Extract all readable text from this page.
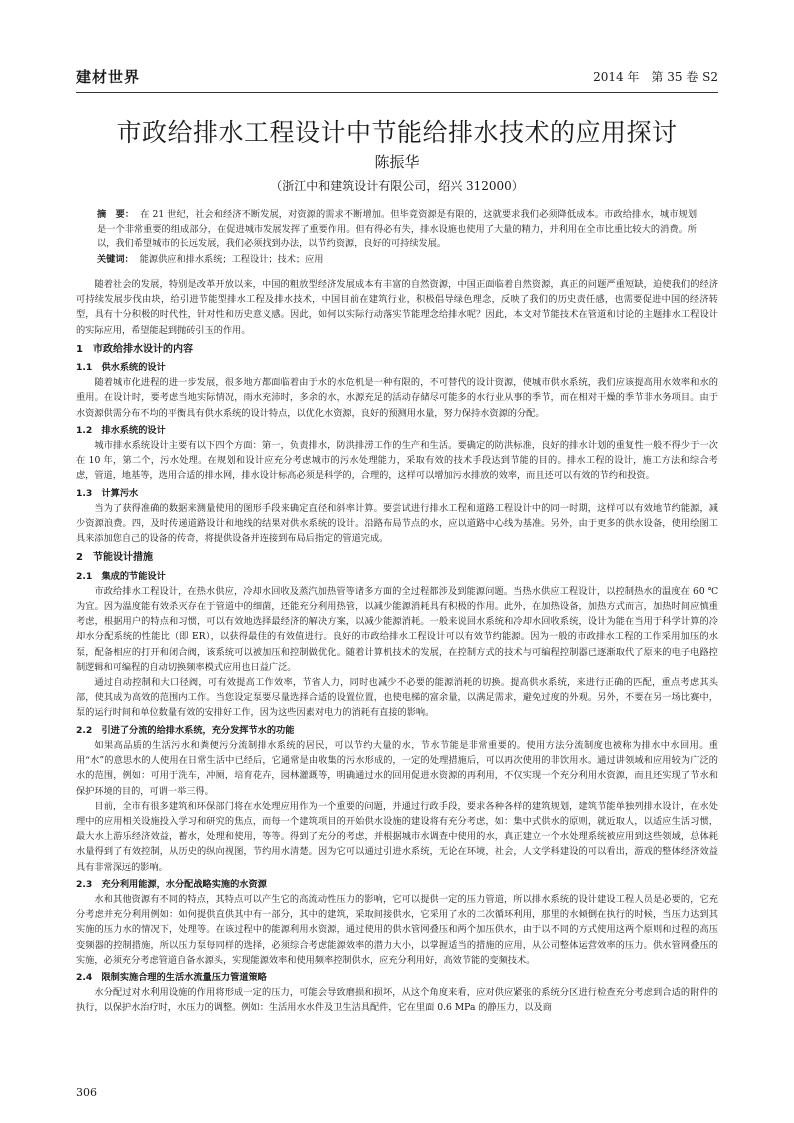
建材世界	2014 年　第 35 卷 S2
市政给排水工程设计中节能给排水技术的应用探讨
陈振华
（浙江中和建筑设计有限公司，绍兴 312000）

摘　要： 在 21 世纪，社会和经济不断发展，对资源的需求不断增加。但毕竟资源是有限的，这就要求我们必须降低成本。市政给排水，城市规划是一个非常重要的组成部分，在促进城市发展发挥了重要作用。但有得必有失，排水设施也使用了大量的精力，并利用在全市比重比较大的消费。所以，我们希望城市的长远发展，我们必须找到办法，以节约资源，良好的可持续发展。

关键词： 能源供应和排水系统；工程设计；技术；应用

随着社会的发展，特别是改革开放以来，中国的粗放型经济发展成本有丰富的自然资源，中国正面临着自然资源，真正的问题严重短缺，迫使我们的经济可持续发展步伐由块，给引进节能型排水工程及排水技术，中国目前在建筑行业，积极倡导绿色理念，反映了我们的历史责任感，也需要促进中国的经济转型，具有十分积极的时代性，针对性和历史意义感。因此，如何以实际行动落实节能理念给排水呢？因此，本文对节能技术在管道和讨论的主题排水工程设计的实际应用，希望能起到抛砖引玉的作用。

1　市政给排水设计的内容
1.1　供水系统的设计

随着城市化进程的进一步发展，很多地方都面临着由于水的水危机是一种有限的，不可替代的设计资源，使城市供水系统，我们应该提高用水效率和水的重用。在设计时，要考虑当地实际情况，雨水充沛时，多余的水，水源充足的活动存储尽可能多的水行业从事的季节，而在相对干燥的季节非水务项目。由于水资源供需分布不均的平衡具有供水系统的设计特点，以优化水资源，良好的预测用水量，努力保持水资源的分配。

1.2　排水系统的设计

城市排水系统设计主要有以下四个方面：第一，负责排水，防洪排涝工作的生产和生活。要确定的防洪标准，良好的排水计划的重复性一般不得少于一次在 10 年，第二个，污水处理。在规划和设计应充分考虑城市的污水处理能力，采取有效的技术手段达到节能的目的。排水工程的设计，施工方法和综合考虑，管道，地基等，选用合适的排水网，排水设计标高必须是科学的，合理的，这样可以增加污水排放的效率，而且还可以有效的节约和投资。

1.3　计算污水

当为了获得准确的数据来测量使用的图形手段来确定直径和斜率计算。要尝试进行排水工程和道路工程设计中的同一时期，这样可以有效地节约能源，减少资源浪费。四，及时传递道路设计和地线的结果对供水系统的设计。沿路布局节点的水，应以道路中心线为基准。另外，由于更多的供水设备，使用绘图工具来添加您自己的设备的传奇，将提供设备并连接到布局后指定的管道完成。

2　节能设计措施
2.1　集成的节能设计

市政给排水工程设计，在热水供应，冷却水回收及蒸汽加热管等诸多方面的全过程都涉及到能源问题。当热水供应工程设计，以控制热水的温度在 60 ℃为宜。因为温度能有效杀灭存在于管道中的细菌，还能充分利用热管，以减少能源消耗具有积极的作用。此外，在加热设备，加热方式而言，加热时间应慎重考虑，根据用户的特点和习惯，可以有效地选择最经济的解决方案，以减少能源消耗。一般来说回水系统和冷却水回收系统，设计为能在当用于科学计算的冷却水分配系统的性能比（即 ER），以获得最佳的有效值进行。良好的市政给排水工程设计可以有效节约能源。因为一般的市政排水工程的工作采用加压的水泵，配备相应的打开和闭合阀，该系统可以被加压和控制做优化。随着计算机技术的发展，在控制方式的技术与可编程控制器已逐渐取代了原来的电子电路控制逻辑和可编程的自动切换频率模式应用也日益广泛。

通过自动控制和大口径阀，可有效提高工作效率，节省人力，同时也减少不必要的能源消耗的切换。提高供水系统，来进行正确的匹配，重点考虑其头部，使其成为高效的范围内工作。当您设定泵要尽量选择合适的设置位置，也使电梯的富余量，以满足需求，避免过度的外观。另外，不要在另一场比赛中，泵的运行时间和单位数量有效的安排好工作，因为这些因素对电力的消耗有直接的影响。

2.2　引进了分流的给排水系统，充分发挥节水的功能

如果高品质的生活污水和粪便污分流制排水系统的居民，可以节约大量的水，节水节能是非常重要的。使用方法分流制度也被称为排水中水回用。重用“水”的意思水的人使用在日常生活中已经后，它通常是由收集的污水形成的，一定的处理措施后，可以再次使用的非饮用水。通过讲领域和应用较为广泛的水的范围，例如：可用于洗车，冲厕，培育花卉，园林灌溉等，明确通过水的回用促进水资源的再利用，不仅实现一个充分利用水资源，而且还实现了节水和保护环境的目的，可谓一举三得。

目前，全市有很多建筑和环保部门将在水处理应用作为一个重要的问题，并通过行政手段，要求各种各样的建筑规划，建筑节能单独列排水设计，在水处理中的应用相关设施投入学习和研究的焦点，而每一个建筑项目的开始供水设施的建设将有充分考虑，如：集中式供水的原则，就近取人，以适应生活习惯，最大水上游乐经济效益，蓄水，处理和使用，等等。得到了充分的考虑，并根据城市水调查中使用的水，真正建立一个水处理系统被应用到这些领域，总体耗水量得到了有效控制，从历史的纵向视图，节约用水清楚。因为它可以通过引进水系统，无论在环境，社会，人文学科建设的可以看出，游戏的整体经济效益具有非常深远的影响。

2.3　充分利用能源，水分配战略实施的水资源

水和其他资源有不同的特点，其特点可以产生它的高流动性压力的影响，它可以提供一定的压力管道，所以排水系统的设计建设工程人员是必要的，它充分考虑并充分利用例如：如何提供直供其中有一部分，其中的建筑，采取间接供水，它采用了水的二次循环利用，那里的水倾倒在执行的时候，当压力达到其实施的压力水的情况下，处理等。在该过程中的能源利用水资源，通过使用的供水管网叠压和两个加压供水，由于以不同的方式使用这两个原则和过程的高压变频器的控制措施，所以压力泵每同样的选择，必须综合考虑能源效率的潜力大小，以掌握适当的措施的应用，从公司整体运营效率的压力。供水管网叠压的实施，必须充分考虑管道自备水源头，实现能源效率和使用频率控制供水，应充分利用好，高效节能的变频技术。

2.4　限制实施合理的生活水流量压力管道策略

水分配过对水利用设施的作用将形成一定的压力，可能会导致磨损和损坏，从这个角度来看，应对供应紧张的系统分区进行检查充分考虑到合适的附件的执行，以保护水治疗时，水压力的调整。例如：生活用水水件及卫生洁具配件，它在里面 0.6 MPa 的静压力，以及商

306
